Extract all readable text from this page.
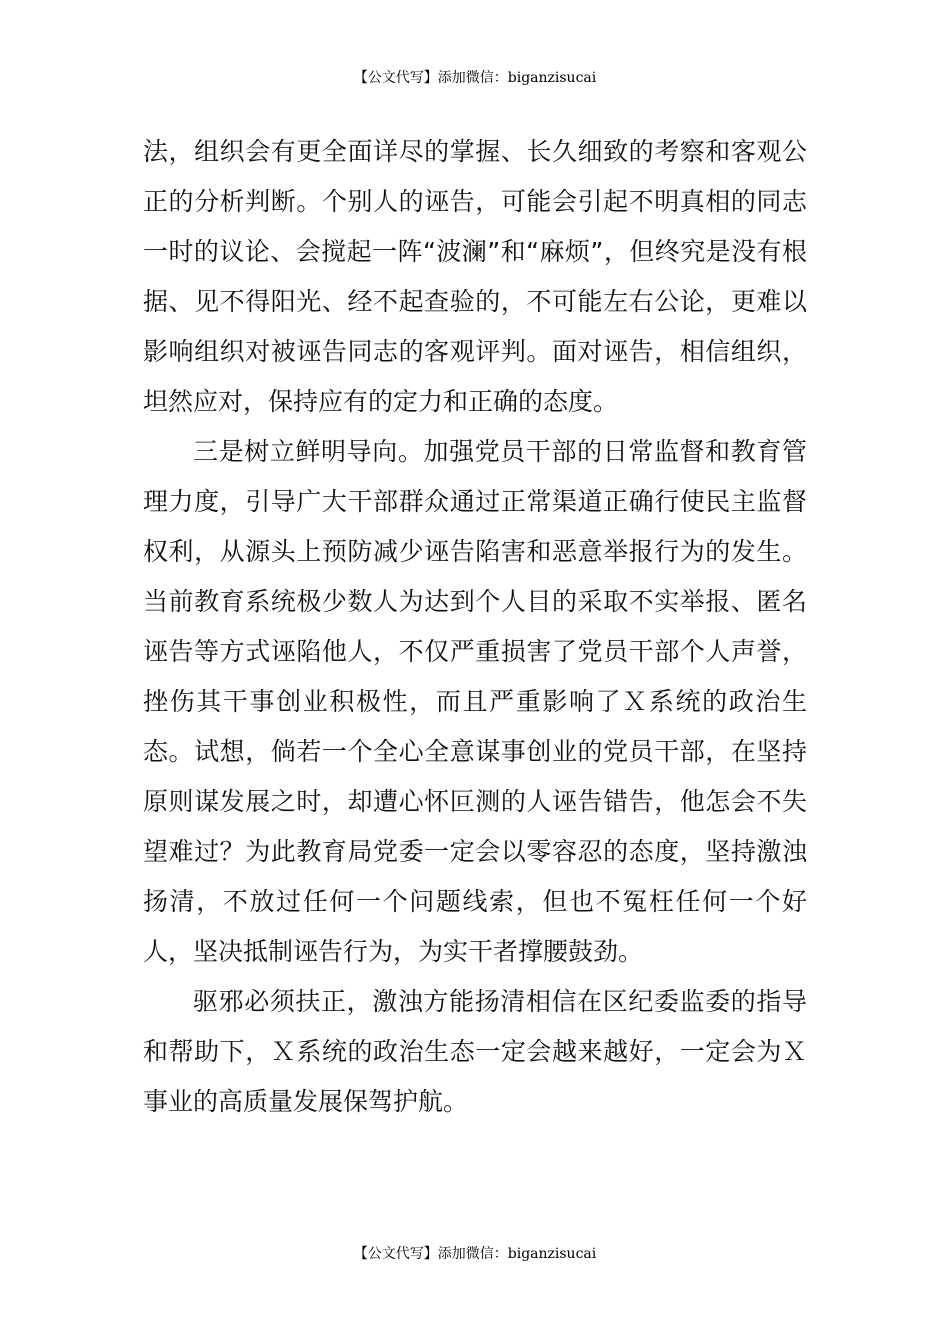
【公文代写】添加微信：biganzisucai

法，组织会有更全面详尽的掌握、长久细致的考察和客观公正的分析判断。个别人的诬告，可能会引起不明真相的同志一时的议论、会搅起一阵“波澜”和“麻烦”，但终究是没有根据、见不得阳光、经不起查验的，不可能左右公论，更难以影响组织对被诬告同志的客观评判。面对诬告，相信组织，坦然应对，保持应有的定力和正确的态度。

三是树立鲜明导向。加强党员干部的日常监督和教育管理力度，引导广大干部群众通过正常渠道正确行使民主监督权利，从源头上预防减少诬告陷害和恶意举报行为的发生。当前教育系统极少数人为达到个人目的采取不实举报、匿名诬告等方式诬陷他人，不仅严重损害了党员干部个人声誉，挫伤其干事创业积极性，而且严重影响了Ｘ系统的政治生态。试想，倘若一个全心全意谋事创业的党员干部，在坚持原则谋发展之时，却遭心怀叵测的人诬告错告，他怎会不失望难过？为此教育局党委一定会以零容忍的态度，坚持激浊扬清，不放过任何一个问题线索，但也不冤枉任何一个好人，坚决抵制诬告行为，为实干者撑腰鼓劲。

驱邪必须扶正，激浊方能扬清相信在区纪委监委的指导和帮助下，Ｘ系统的政治生态一定会越来越好，一定会为Ｘ事业的高质量发展保驾护航。

【公文代写】添加微信：biganzisucai
